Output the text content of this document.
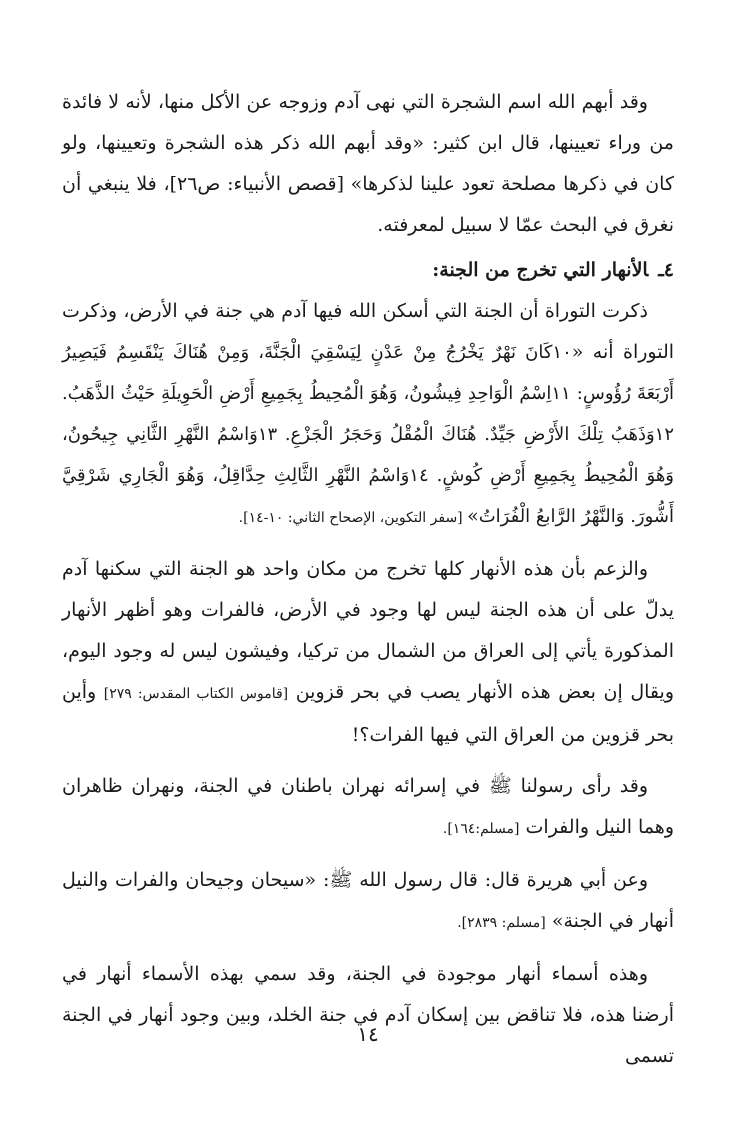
وقد أبهم الله اسم الشجرة التي نهى آدم وزوجه عن الأكل منها، لأنه لا فائدة من وراء تعيينها، قال ابن كثير: «وقد أبهم الله ذكر هذه الشجرة وتعيينها، ولو كان في ذكرها مصلحة تعود علينا لذكرها» [قصص الأنبياء: ص٢٦]، فلا ينبغي أن نغرق في البحث عمّا لا سبيل لمعرفته.

٤ـالأنهار التي تخرج من الجنة:

ذكرت التوراة أن الجنة التي أسكن الله فيها آدم هي جنة في الأرض، وذكرت التوراة أنه «١٠كَانَ نَهْرٌ يَخْرُجُ مِنْ عَدْنٍ لِيَسْقِيَ الْجَنَّةَ، وَمِنْ هُنَاكَ يَنْقَسِمُ فَيَصِيرُ أَرْبَعَةَ رُؤُوسٍ: ١١اِسْمُ الْوَاحِدِ فِيشُونُ، وَهُوَ الْمُحِيطُ بِجَمِيعِ أَرْضِ الْحَوِيلَةِ حَيْثُ الذَّهَبُ. ١٢وَذَهَبُ تِلْكَ الأَرْضِ جَيِّدٌ. هُنَاكَ الْمُقْلُ وَحَجَرُ الْجَزْعِ. ١٣وَاسْمُ النَّهْرِ الثَّانِي جِيحُونُ، وَهُوَ الْمُحِيطُ بِجَمِيعِ أَرْضِ كُوشٍ. ١٤وَاسْمُ النَّهْرِ الثَّالِثِ حِدَّاقِلُ، وَهُوَ الْجَارِي شَرْقِيَّ أَشُّورَ. وَالنَّهْرُ الرَّابعُ الْفُرَاتُ» [سفر التكوين، الإصحاح الثاني: ١٠-١٤].

والزعم بأن هذه الأنهار كلها تخرج من مكان واحد هو الجنة التي سكنها آدم يدلّ على أن هذه الجنة ليس لها وجود في الأرض، فالفرات وهو أظهر الأنهار المذكورة يأتي إلى العراق من الشمال من تركيا، وفيشون ليس له وجود اليوم، ويقال إن بعض هذه الأنهار يصب في بحر قزوين [قاموس الكتاب المقدس: ٢٧٩] وأين بحر قزوين من العراق التي فيها الفرات؟!

وقد رأى رسولنا ﷺ في إسرائه نهران باطنان في الجنة، ونهران ظاهران وهما النيل والفرات [مسلم:١٦٤].

وعن أبي هريرة قال: قال رسول الله ﷺ: «سيحان وجيحان والفرات والنيل أنهار في الجنة» [مسلم: ٢٨٣٩].

وهذه أسماء أنهار موجودة في الجنة، وقد سمي بهذه الأسماء أنهار في أرضنا هذه، فلا تناقض بين إسكان آدم في جنة الخلد، وبين وجود أنهار في الجنة تسمى

١٤
